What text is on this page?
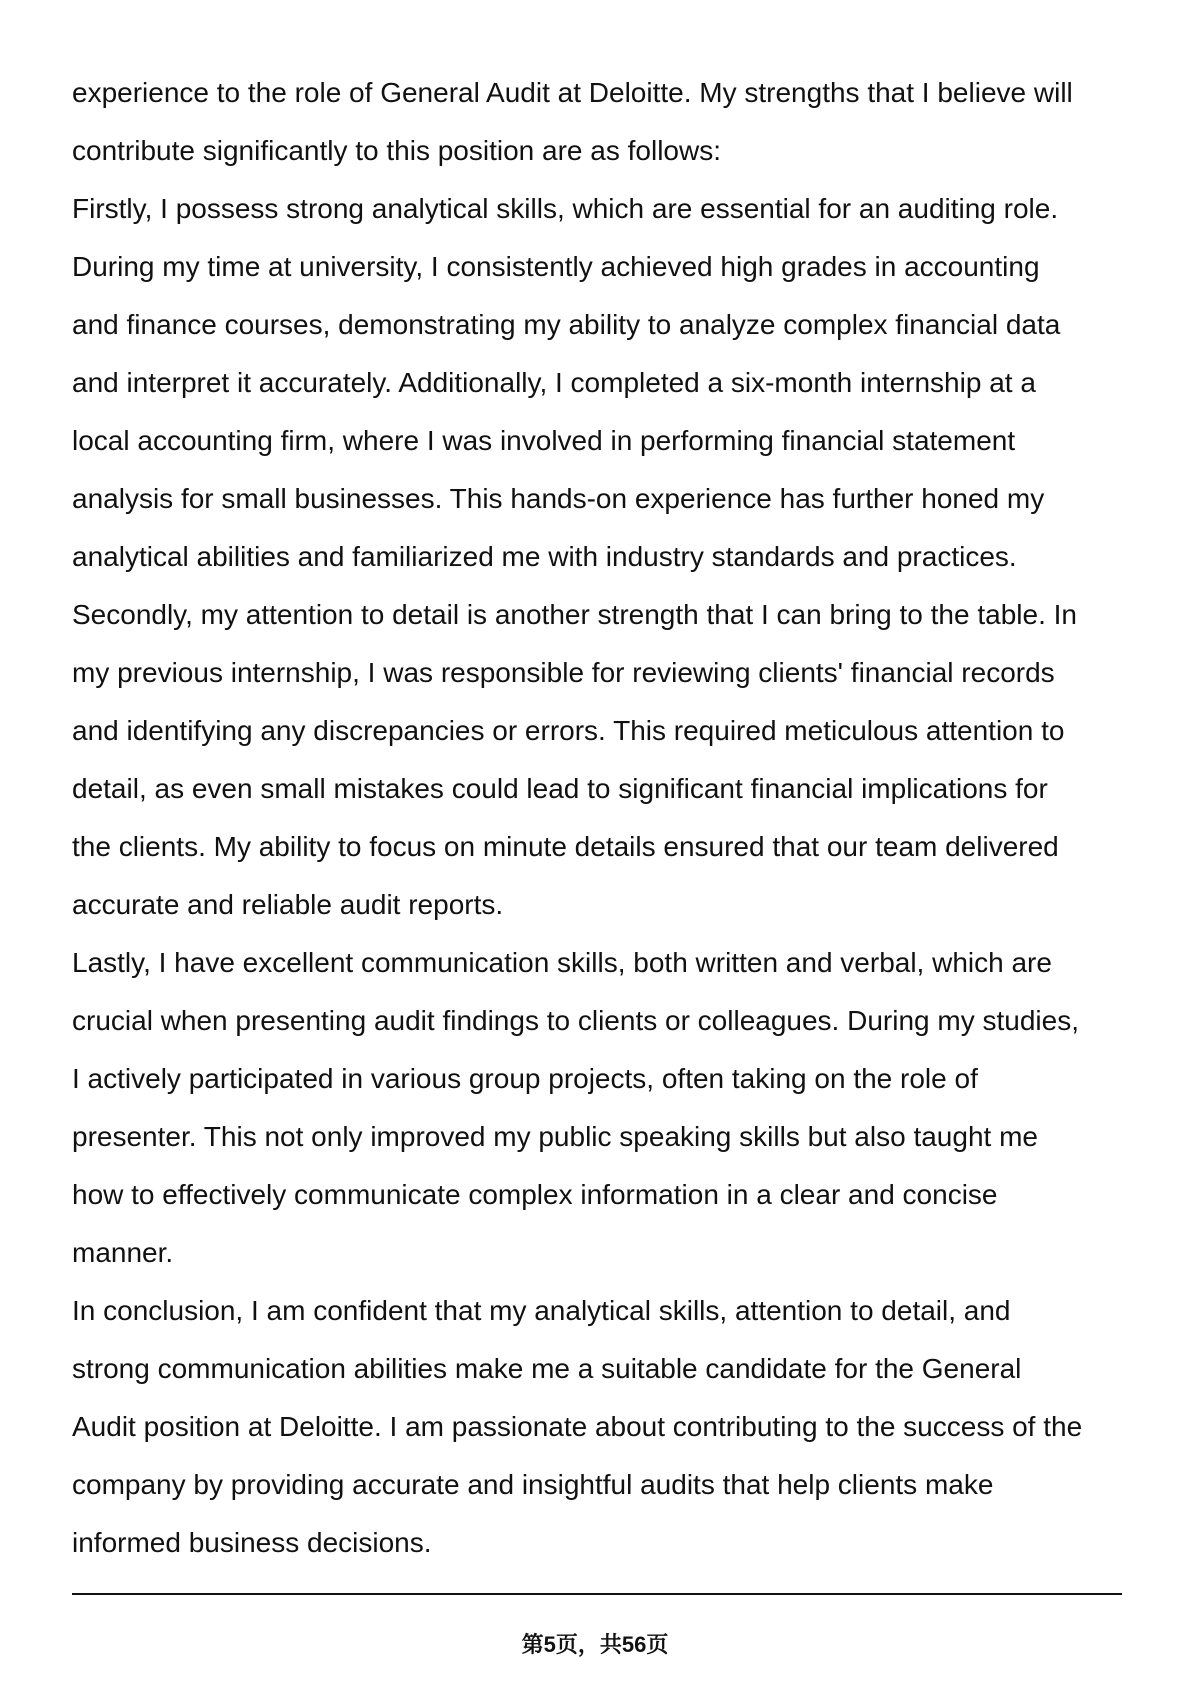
experience to the role of General Audit at Deloitte. My strengths that I believe will
contribute significantly to this position are as follows:
Firstly, I possess strong analytical skills, which are essential for an auditing role.
During my time at university, I consistently achieved high grades in accounting
and finance courses, demonstrating my ability to analyze complex financial data
and interpret it accurately. Additionally, I completed a six-month internship at a
local accounting firm, where I was involved in performing financial statement
analysis for small businesses. This hands-on experience has further honed my
analytical abilities and familiarized me with industry standards and practices.
Secondly, my attention to detail is another strength that I can bring to the table. In
my previous internship, I was responsible for reviewing clients' financial records
and identifying any discrepancies or errors. This required meticulous attention to
detail, as even small mistakes could lead to significant financial implications for
the clients. My ability to focus on minute details ensured that our team delivered
accurate and reliable audit reports.
Lastly, I have excellent communication skills, both written and verbal, which are
crucial when presenting audit findings to clients or colleagues. During my studies,
I actively participated in various group projects, often taking on the role of
presenter. This not only improved my public speaking skills but also taught me
how to effectively communicate complex information in a clear and concise
manner.
In conclusion, I am confident that my analytical skills, attention to detail, and
strong communication abilities make me a suitable candidate for the General
Audit position at Deloitte. I am passionate about contributing to the success of the
company by providing accurate and insightful audits that help clients make
informed business decisions.
第5页，共56页
